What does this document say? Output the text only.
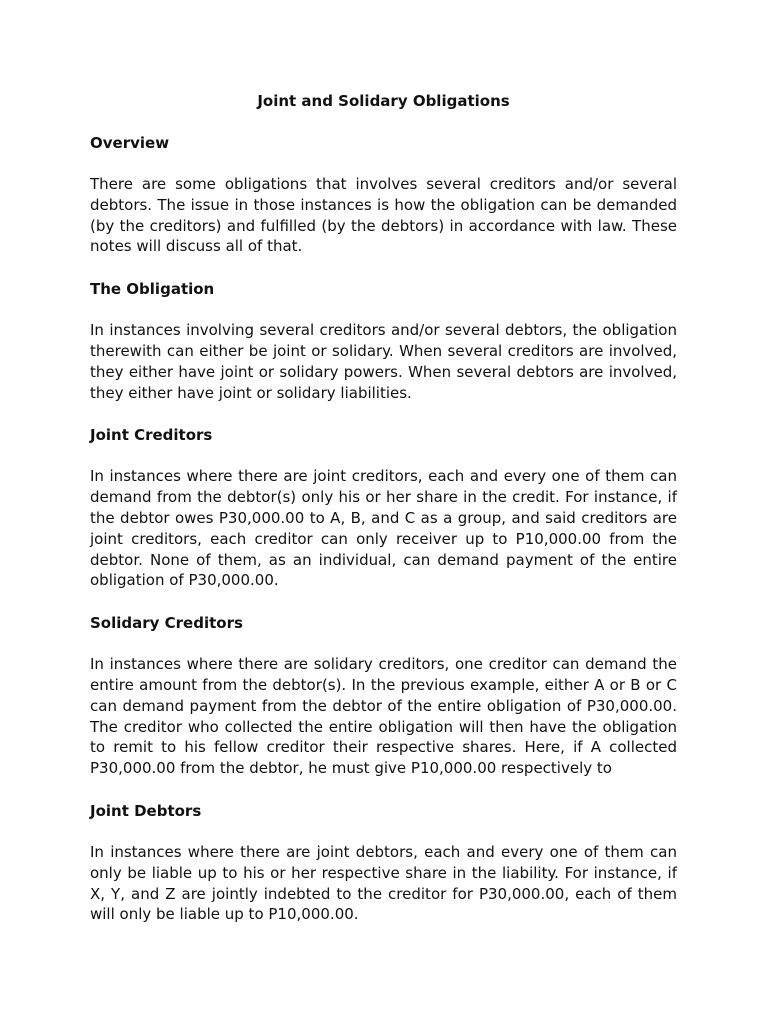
Joint and Solidary Obligations
Overview

There are some obligations that involves several creditors and/or several debtors. The issue in those instances is how the obligation can be demanded (by the creditors) and fulfilled (by the debtors) in accordance with law. These notes will discuss all of that.

The Obligation

In instances involving several creditors and/or several debtors, the obligation therewith can either be joint or solidary. When several creditors are involved, they either have joint or solidary powers. When several debtors are involved, they either have joint or solidary liabilities.

Joint Creditors

In instances where there are joint creditors, each and every one of them can demand from the debtor(s) only his or her share in the credit. For instance, if the debtor owes P30,000.00 to A, B, and C as a group, and said creditors are joint creditors, each creditor can only receiver up to P10,000.00 from the debtor. None of them, as an individual, can demand payment of the entire obligation of P30,000.00.

Solidary Creditors

In instances where there are solidary creditors, one creditor can demand the entire amount from the debtor(s). In the previous example, either A or B or C can demand payment from the debtor of the entire obligation of P30,000.00. The creditor who collected the entire obligation will then have the obligation to remit to his fellow creditor their respective shares. Here, if A collected P30,000.00 from the debtor, he must give P10,000.00 respectively to

Joint Debtors

In instances where there are joint debtors, each and every one of them can only be liable up to his or her respective share in the liability. For instance, if X, Y, and Z are jointly indebted to the creditor for P30,000.00, each of them will only be liable up to P10,000.00.
